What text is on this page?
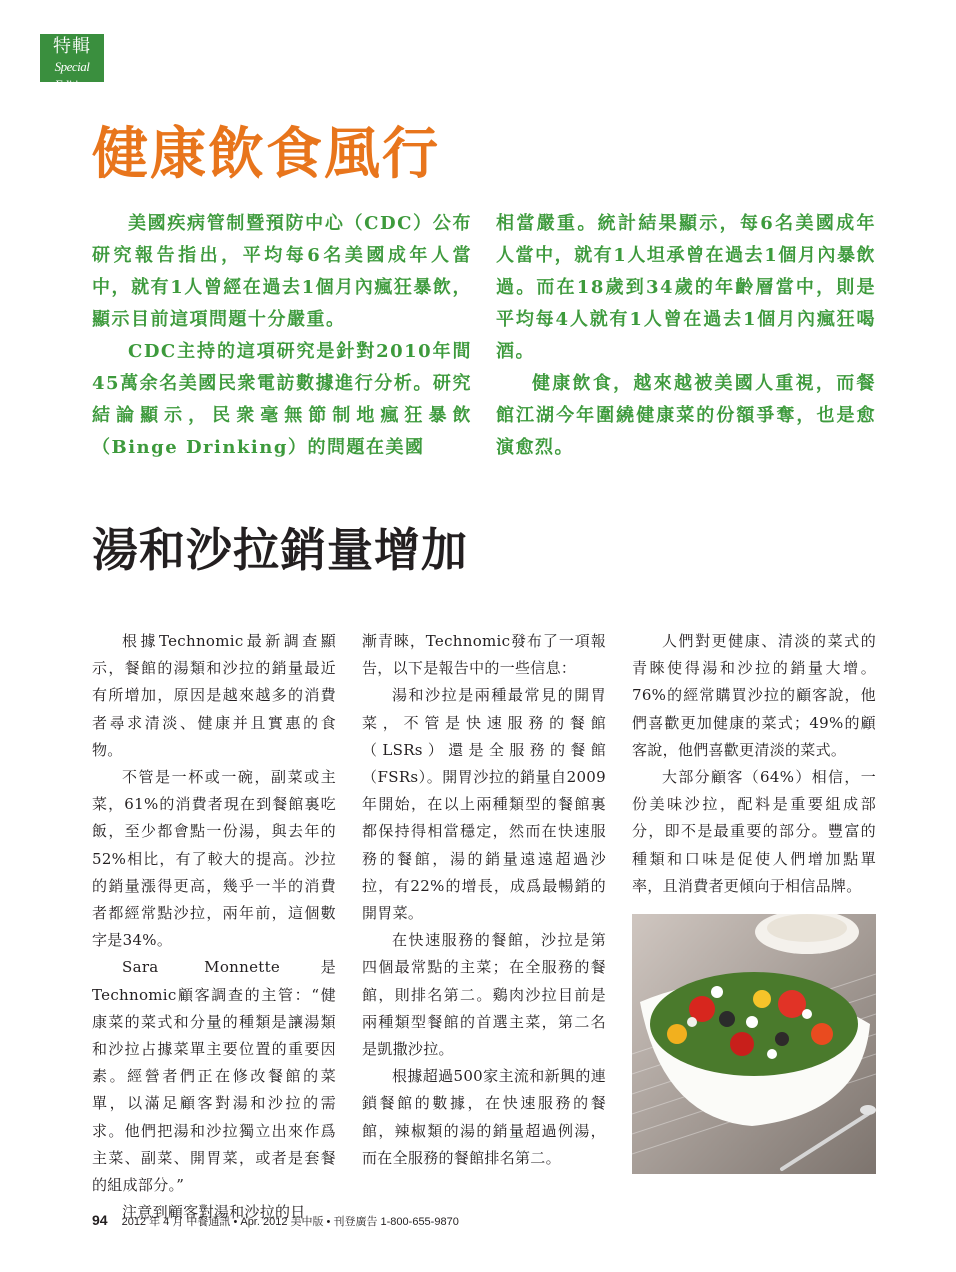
特輯
Special Edition
健康飲食風行

美國疾病管制暨預防中心（CDC）公布研究報告指出，平均每6名美國成年人當中，就有1人曾經在過去1個月內瘋狂暴飲，顯示目前這項問題十分嚴重。

CDC主持的這項研究是針對2010年間45萬余名美國民衆電訪數據進行分析。研究結論顯示，民衆毫無節制地瘋狂暴飲（Binge Drinking）的問題在美國

相當嚴重。統計結果顯示，每6名美國成年人當中，就有1人坦承曾在過去1個月內暴飲過。而在18歲到34歲的年齡層當中，則是平均每4人就有1人曾在過去1個月內瘋狂喝酒。

健康飲食，越來越被美國人重視，而餐館江湖今年圍繞健康菜的份額爭奪，也是愈演愈烈。

湯和沙拉銷量增加

根據Technomic最新調查顯示，餐館的湯類和沙拉的銷量最近有所增加，原因是越來越多的消費者尋求清淡、健康并且實惠的食物。

不管是一杯或一碗，副菜或主菜，61%的消費者現在到餐館裏吃飯，至少都會點一份湯，與去年的52%相比，有了較大的提高。沙拉的銷量漲得更高，幾乎一半的消費者都經常點沙拉，兩年前，這個數字是34%。

Sara Monnette是Technomic顧客調查的主管：“健康菜的菜式和分量的種類是讓湯類和沙拉占據菜單主要位置的重要因素。經營者們正在修改餐館的菜單，以滿足顧客對湯和沙拉的需求。他們把湯和沙拉獨立出來作爲主菜、副菜、開胃菜，或者是套餐的組成部分。”

注意到顧客對湯和沙拉的日

漸青睞，Technomic發布了一項報告，以下是報告中的一些信息：

湯和沙拉是兩種最常見的開胃菜，不管是快速服務的餐館（LSRs）還是全服務的餐館（FSRs）。開胃沙拉的銷量自2009年開始，在以上兩種類型的餐館裏都保持得相當穩定，然而在快速服務的餐館，湯的銷量遠遠超過沙拉，有22%的增長，成爲最暢銷的開胃菜。

在快速服務的餐館，沙拉是第四個最常點的主菜；在全服務的餐館，則排名第二。鷄肉沙拉目前是兩種類型餐館的首選主菜，第二名是凱撒沙拉。

根據超過500家主流和新興的連鎖餐館的數據，在快速服務的餐館，辣椒類的湯的銷量超過例湯，而在全服務的餐館排名第二。

人們對更健康、清淡的菜式的青睞使得湯和沙拉的銷量大增。76%的經常購買沙拉的顧客說，他們喜歡更加健康的菜式；49%的顧客說，他們喜歡更清淡的菜式。

大部分顧客（64%）相信，一份美味沙拉，配料是重要組成部分，即不是最重要的部分。豐富的種類和口味是促使人們增加點單率，且消費者更傾向于相信品牌。

94 2012 年 4 月 中餐通訊 • Apr. 2012 美中版 • 刊登廣告 1-800-655-9870
